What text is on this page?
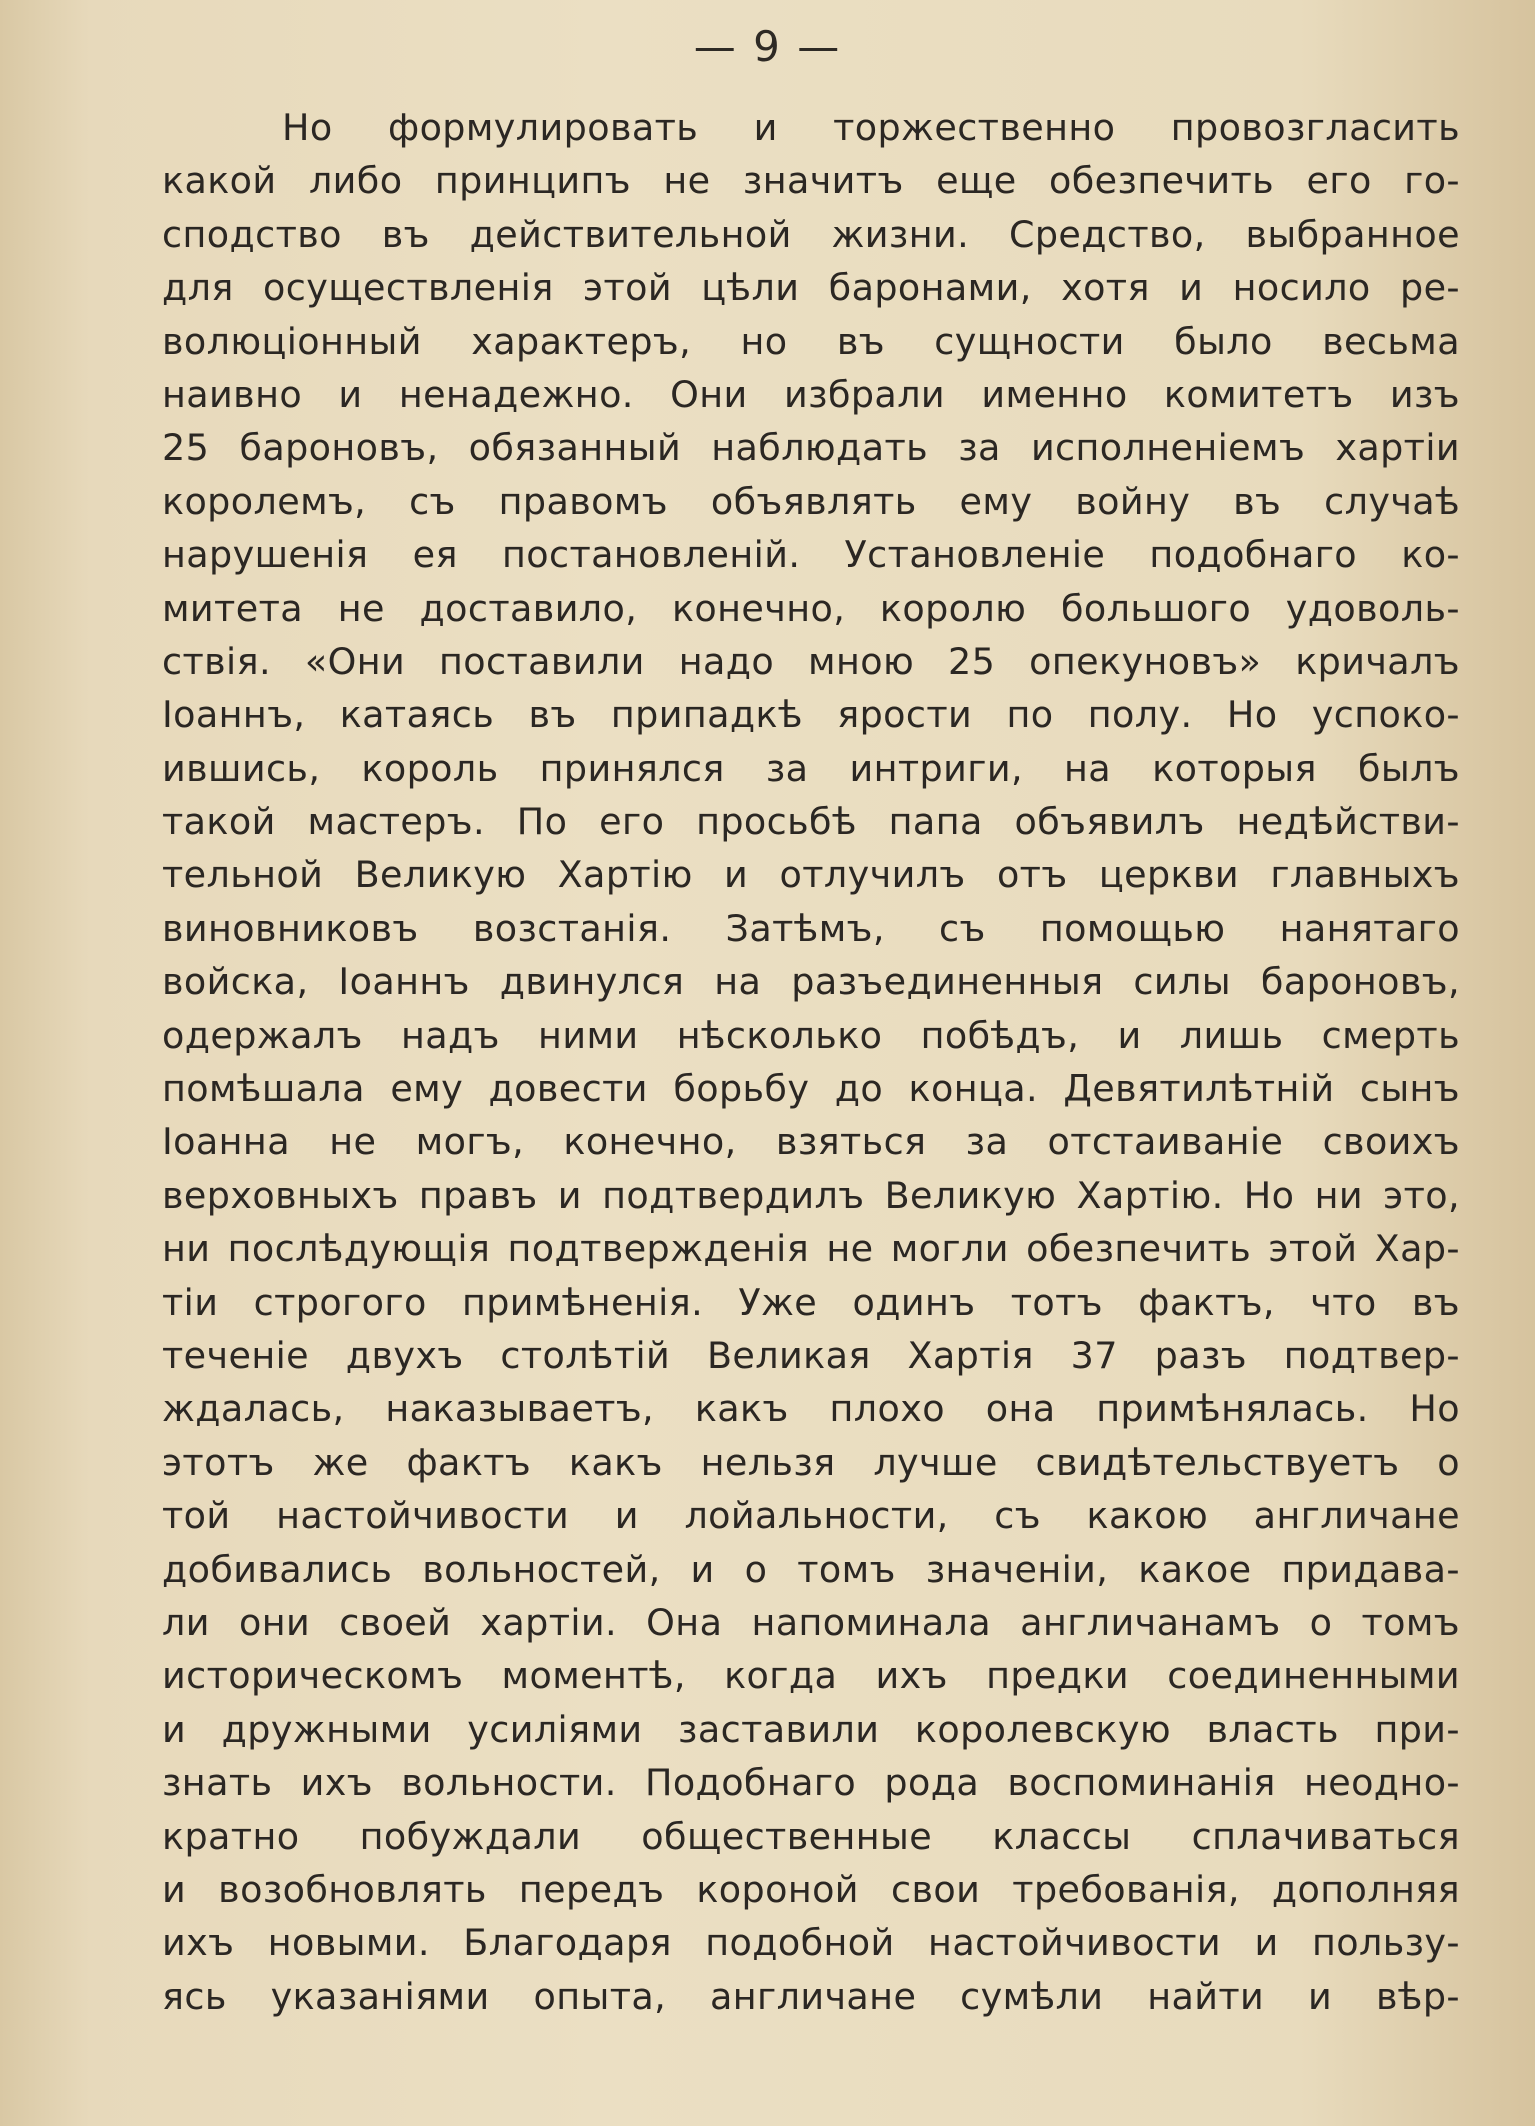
— 9 —
Но формулировать и торжественно провозгласить
какой либо принципъ не значитъ еще обезпечить его го-
сподство въ действительной жизни. Средство, выбранное
для осуществленія этой цѣли баронами, хотя и носило ре-
волюціонный характеръ, но въ сущности было весьма
наивно и ненадежно. Они избрали именно комитетъ изъ
25 бароновъ, обязанный наблюдать за исполненіемъ хартіи
королемъ, съ правомъ объявлять ему войну въ случаѣ
нарушенія ея постановленій. Установленіе подобнаго ко-
митета не доставило, конечно, королю большого удоволь-
ствія. «Они поставили надо мною 25 опекуновъ» кричалъ
Іоаннъ, катаясь въ припадкѣ ярости по полу. Но успоко-
ившись, король принялся за интриги, на которыя былъ
такой мастеръ. По его просьбѣ папа объявилъ недѣйстви-
тельной Великую Хартію и отлучилъ отъ церкви главныхъ
виновниковъ возстанія. Затѣмъ, съ помощью нанятаго
войска, Іоаннъ двинулся на разъединенныя силы бароновъ,
одержалъ надъ ними нѣсколько побѣдъ, и лишь смерть
помѣшала ему довести борьбу до конца. Девятилѣтній сынъ
Іоанна не могъ, конечно, взяться за отстаиваніе своихъ
верховныхъ правъ и подтвердилъ Великую Хартію. Но ни это,
ни послѣдующія подтвержденія не могли обезпечить этой Хар-
тіи строгого примѣненія. Уже одинъ тотъ фактъ, что въ
теченіе двухъ столѣтій Великая Хартія 37 разъ подтвер-
ждалась, наказываетъ, какъ плохо она примѣнялась. Но
этотъ же фактъ какъ нельзя лучше свидѣтельствуетъ о
той настойчивости и лойальности, съ какою англичане
добивались вольностей, и о томъ значеніи, какое придава-
ли они своей хартіи. Она напоминала англичанамъ о томъ
историческомъ моментѣ, когда ихъ предки соединенными
и дружными усиліями заставили королевскую власть при-
знать ихъ вольности. Подобнаго рода воспоминанія неодно-
кратно побуждали общественные классы сплачиваться
и возобновлять передъ короной свои требованія, дополняя
ихъ новыми. Благодаря подобной настойчивости и пользу-
ясь указаніями опыта, англичане сумѣли найти и вѣр-
